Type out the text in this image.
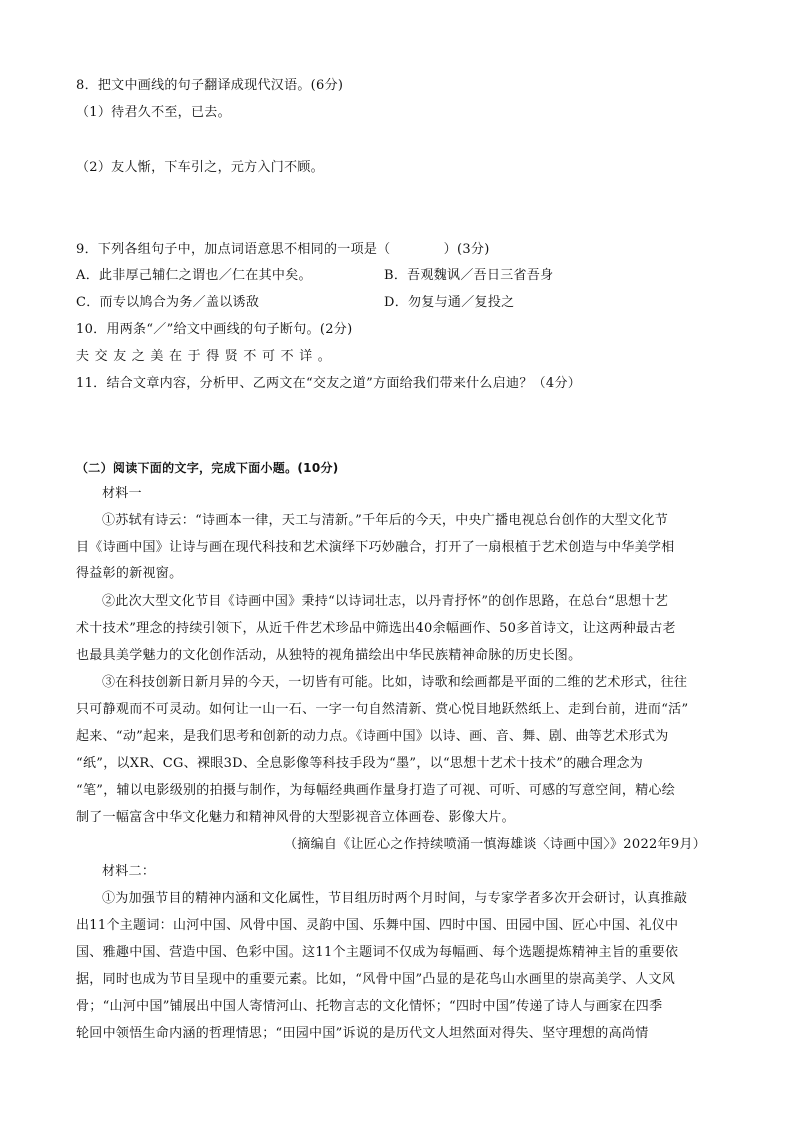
8．把文中画线的句子翻译成现代汉语。(6分)
（1）待君久不至，已去。
（2）友人惭，下车引之，元方入门不顾。
9．下列各组句子中，加点词语意思不相同的一项是（　　　　）(3分)
A．此非厚己辅仁之谓也／仁在其中矣。	B．吾观魏讽／吾日三省吾身
C．而专以鸠合为务／盖以诱敌	D．勿复与通／复投之
10．用两条“／”给文中画线的句子断句。(2分)
夫交友之美在于得贤不可不详。
11．结合文章内容，分析甲、乙两文在“交友之道”方面给我们带来什么启迪？（4分）
（二）阅读下面的文字，完成下面小题。(10分)
材料一
①苏轼有诗云：“诗画本一律，天工与清新。”千年后的今天，中央广播电视总台创作的大型文化节
目《诗画中国》让诗与画在现代科技和艺术演绎下巧妙融合，打开了一扇根植于艺术创造与中华美学相
得益彰的新视窗。
②此次大型文化节目《诗画中国》秉持“以诗词壮志，以丹青抒怀”的创作思路，在总台“思想十艺
术十技术”理念的持续引领下，从近千件艺术珍品中筛选出40余幅画作、50多首诗文，让这两种最古老
也最具美学魅力的文化创作活动，从独特的视角描绘出中华民族精神命脉的历史长图。
③在科技创新日新月异的今天，一切皆有可能。比如，诗歌和绘画都是平面的二维的艺术形式，往往
只可静观而不可灵动。如何让一山一石、一字一句自然清新、赏心悦目地跃然纸上、走到台前，进而“活”
起来、“动”起来，是我们思考和创新的动力点。《诗画中国》以诗、画、音、舞、剧、曲等艺术形式为
“纸”，以XR、CG、裸眼3D、全息影像等科技手段为“墨”，以“思想十艺术十技术”的融合理念为
“笔”，辅以电影级别的拍摄与制作，为每幅经典画作量身打造了可视、可听、可感的写意空间，精心绘
制了一幅富含中华文化魅力和精神风骨的大型影视音立体画卷、影像大片。
（摘编自《让匠心之作持续喷涌一慎海雄谈〈诗画中国〉》2022年9月）
材料二：
①为加强节目的精神内涵和文化属性，节目组历时两个月时间，与专家学者多次开会研讨，认真推敲
出11个主题词：山河中国、风骨中国、灵韵中国、乐舞中国、四时中国、田园中国、匠心中国、礼仪中
国、雅趣中国、营造中国、色彩中国。这11个主题词不仅成为每幅画、每个选题提炼精神主旨的重要依
据，同时也成为节目呈现中的重要元素。比如，“风骨中国”凸显的是花鸟山水画里的崇高美学、人文风
骨；“山河中国”铺展出中国人寄情河山、托物言志的文化情怀；“四时中国”传递了诗人与画家在四季
轮回中领悟生命内涵的哲理情思；“田园中国”诉说的是历代文人坦然面对得失、坚守理想的高尚情
